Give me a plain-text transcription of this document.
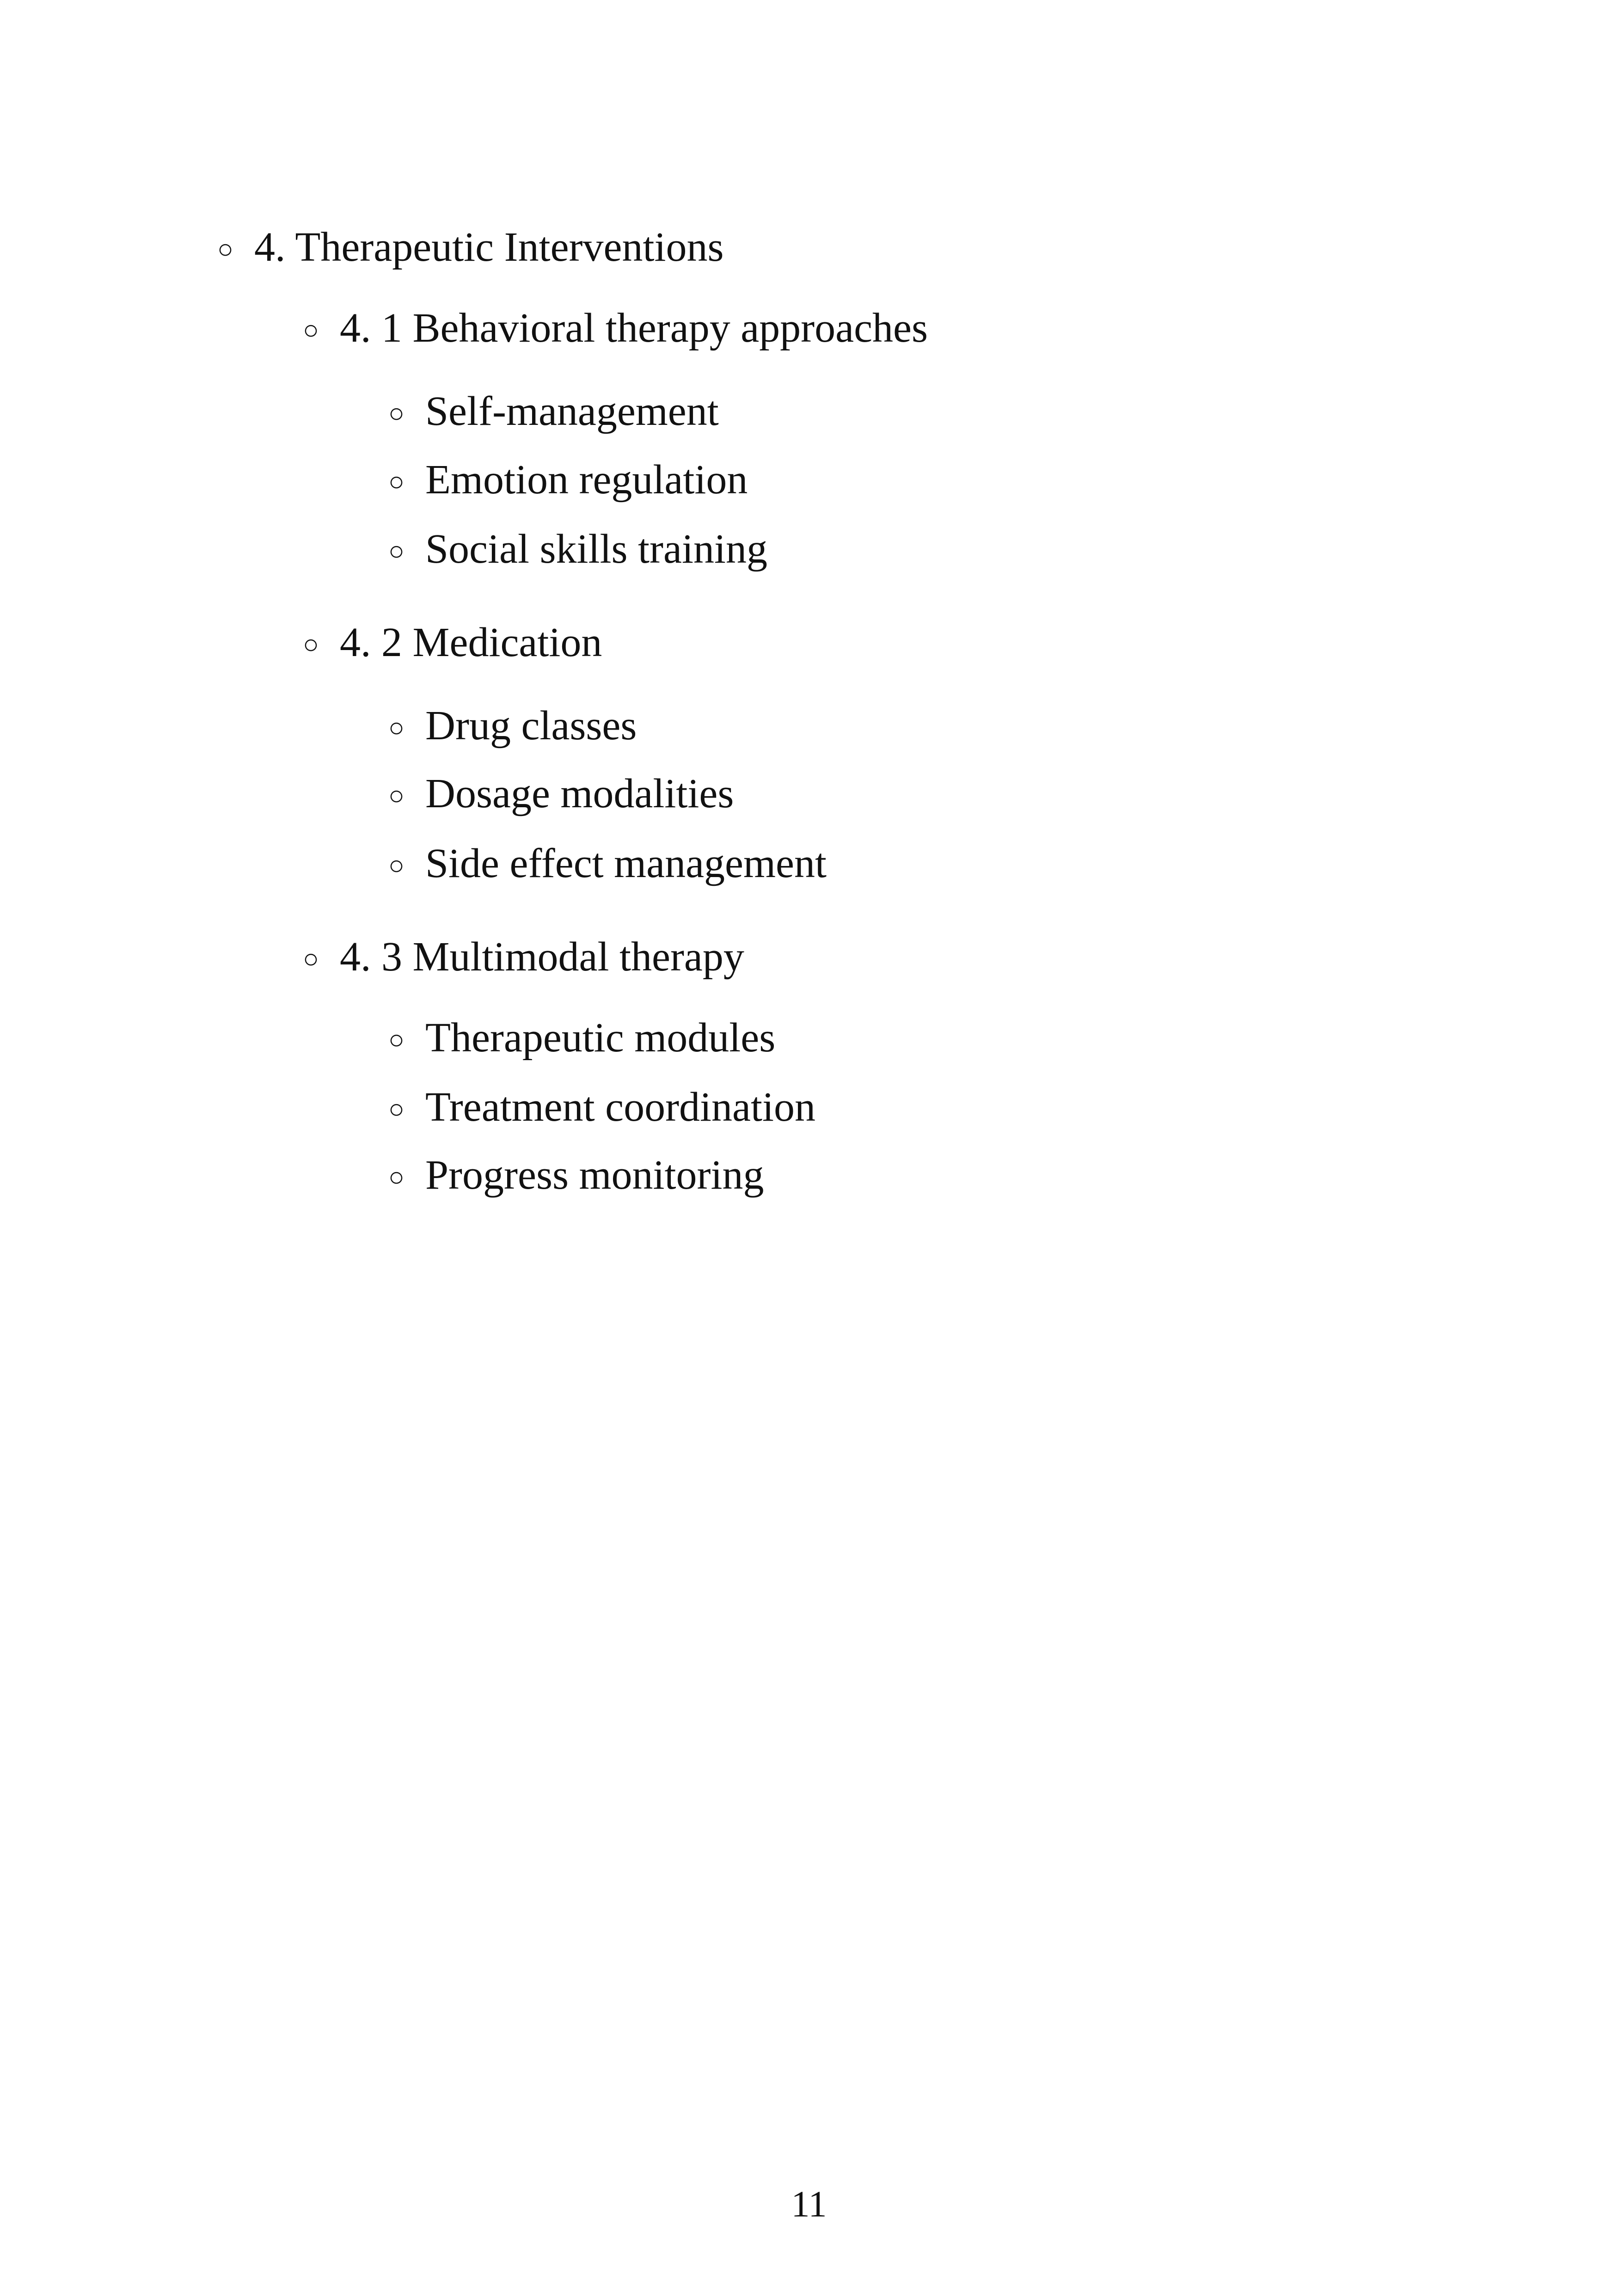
○ 4. Therapeutic Interventions
○ 4. 1 Behavioral therapy approaches
○ Self-management
○ Emotion regulation
○ Social skills training
○ 4. 2 Medication
○ Drug classes
○ Dosage modalities
○ Side effect management
○ 4. 3 Multimodal therapy
○ Therapeutic modules
○ Treatment coordination
○ Progress monitoring
11
